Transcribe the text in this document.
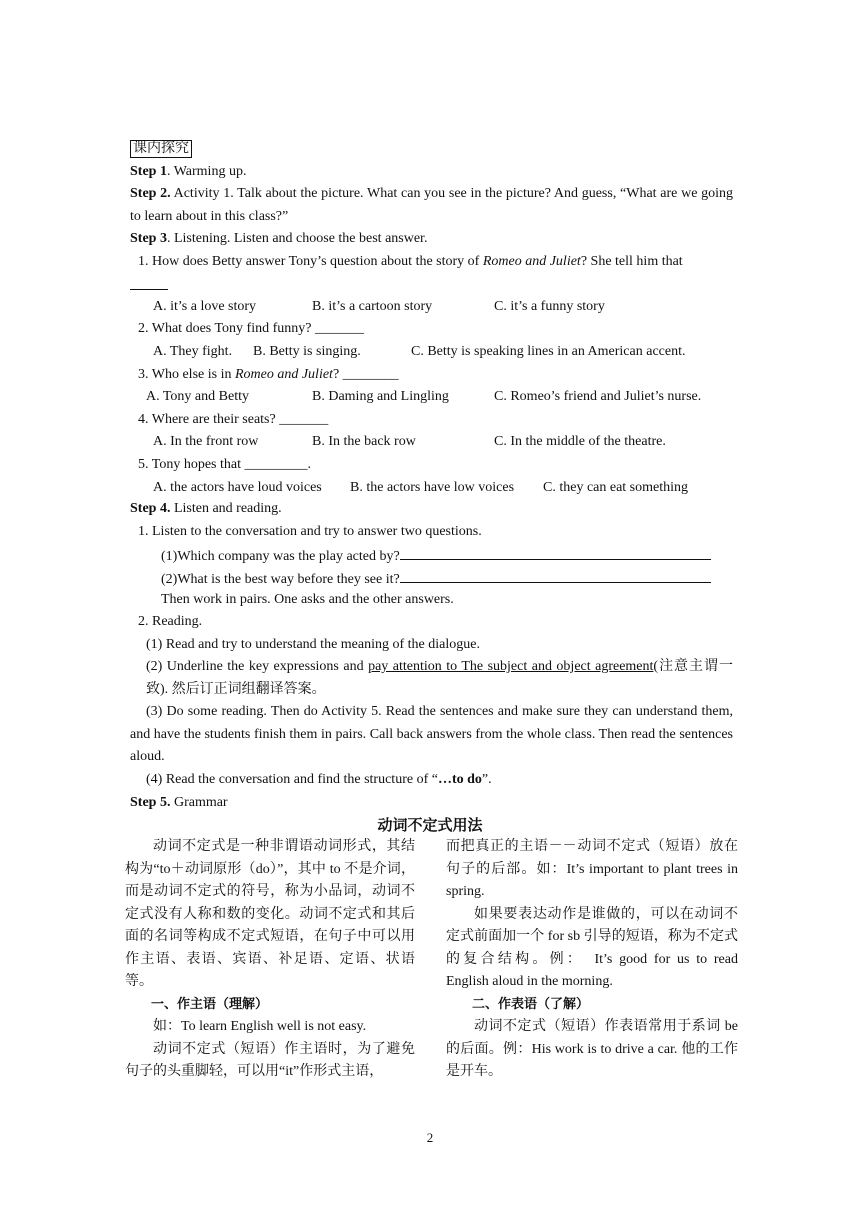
课内探究
Step 1. Warming up.
Step 2. Activity 1. Talk about the picture. What can you see in the picture? And guess, “What are we going to learn about in this class?”
Step 3. Listening. Listen and choose the best answer.
1. How does Betty answer Tony’s question about the story of Romeo and Juliet? She tell him that
A. it’s a love story	B. it’s a cartoon story	C. it’s a funny story
2. What does Tony find funny? _______
A. They fight. B. Betty is singing.	C. Betty is speaking lines in an American accent.
3. Who else is in Romeo and Juliet? ________
A. Tony and Betty	B. Daming and Lingling	C. Romeo’s friend and Juliet’s nurse.
4. Where are their seats? _______
A. In the front row	B. In the back row	C. In the middle of the theatre.
5. Tony hopes that _________.
A. the actors have loud voices B. the actors have low voices C. they can eat something
Step 4. Listen and reading.
1. Listen to the conversation and try to answer two questions.
(1)Which company was the play acted by?
(2)What is the best way before they see it?
Then work in pairs. One asks and the other answers.
2. Reading.
(1) Read and try to understand the meaning of the dialogue.
(2) Underline the key expressions and pay attention to The subject and object agreement(注意主谓一致). 然后订正词组翻译答案。
(3) Do some reading. Then do Activity 5. Read the sentences and make sure they can understand them, and have the students finish them in pairs. Call back answers from the whole class. Then read the sentences aloud.
(4) Read the conversation and find the structure of “…to do”.
Step 5. Grammar
动词不定式用法
动词不定式是一种非谓语动词形式，其结构为“to＋动词原形（do）”，其中 to 不是介词，而是动词不定式的符号，称为小品词，动词不定式没有人称和数的变化。动词不定式和其后面的名词等构成不定式短语，在句子中可以用作主语、表语、宾语、补足语、定语、状语等。
一、作主语（理解）
如：To learn English well is not easy.
动词不定式（短语）作主语时，为了避免句子的头重脚轻，可以用“it”作形式主语，
而把真正的主语－－动词不定式（短语）放在句子的后部。如：It’s important to plant trees in spring.
如果要表达动作是谁做的，可以在动词不定式前面加一个 for sb 引导的短语，称为不定式的复合结构。例：　It’s good for us to read English aloud in the morning.
二、作表语（了解）
动词不定式（短语）作表语常用于系词 be 的后面。例：His work is to drive a car. 他的工作是开车。
2
